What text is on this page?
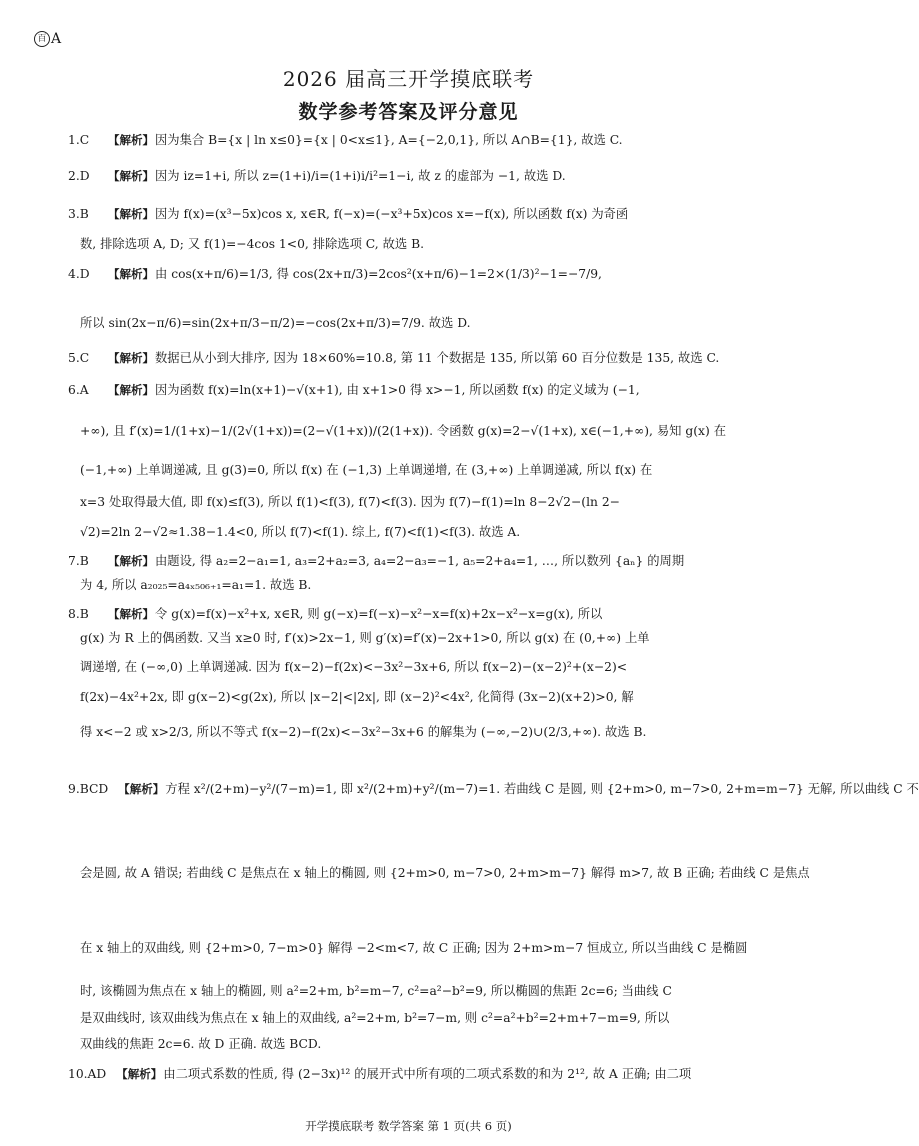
百 A
2026 届高三开学摸底联考
数学参考答案及评分意见
1.C 【解析】因为集合 B={x | ln x≤0}={x | 0<x≤1}, A={−2,0,1}, 所以 A∩B={1}, 故选 C.
2.D 【解析】因为 iz=1+i, 所以 z=(1+i)/i=(1+i)i/i²=1−i, 故 z 的虚部为 −1, 故选 D.
3.B 【解析】因为 f(x)=(x³−5x)cos x, x∈R, f(−x)=(−x³+5x)cos x=−f(x), 所以函数 f(x) 为奇函
数, 排除选项 A, D; 又 f(1)=−4cos 1<0, 排除选项 C, 故选 B.
4.D 【解析】由 cos(x+π/6)=1/3, 得 cos(2x+π/3)=2cos²(x+π/6)−1=2×(1/3)²−1=−7/9,
所以 sin(2x−π/6)=sin(2x+π/3−π/2)=−cos(2x+π/3)=7/9. 故选 D.
5.C 【解析】数据已从小到大排序, 因为 18×60%=10.8, 第 11 个数据是 135, 所以第 60 百分位数是 135, 故选 C.
6.A 【解析】因为函数 f(x)=ln(x+1)−√(x+1), 由 x+1>0 得 x>−1, 所以函数 f(x) 的定义域为 (−1,
+∞), 且 f′(x)=1/(1+x)−1/(2√(1+x))=(2−√(1+x))/(2(1+x)). 令函数 g(x)=2−√(1+x), x∈(−1,+∞), 易知 g(x) 在
(−1,+∞) 上单调递减, 且 g(3)=0, 所以 f(x) 在 (−1,3) 上单调递增, 在 (3,+∞) 上单调递减, 所以 f(x) 在
x=3 处取得最大值, 即 f(x)≤f(3), 所以 f(1)<f(3), f(7)<f(3). 因为 f(7)−f(1)=ln 8−2√2−(ln 2−
√2)=2ln 2−√2≈1.38−1.4<0, 所以 f(7)<f(1). 综上, f(7)<f(1)<f(3). 故选 A.
7.B 【解析】由题设, 得 a₂=2−a₁=1, a₃=2+a₂=3, a₄=2−a₃=−1, a₅=2+a₄=1, …, 所以数列 {aₙ} 的周期
为 4, 所以 a₂₀₂₅=a₄ₓ₅₀₆₊₁=a₁=1. 故选 B.
8.B 【解析】令 g(x)=f(x)−x²+x, x∈R, 则 g(−x)=f(−x)−x²−x=f(x)+2x−x²−x=g(x), 所以
g(x) 为 R 上的偶函数. 又当 x≥0 时, f′(x)>2x−1, 则 g′(x)=f′(x)−2x+1>0, 所以 g(x) 在 (0,+∞) 上单
调递增, 在 (−∞,0) 上单调递减. 因为 f(x−2)−f(2x)<−3x²−3x+6, 所以 f(x−2)−(x−2)²+(x−2)<
f(2x)−4x²+2x, 即 g(x−2)<g(2x), 所以 |x−2|<|2x|, 即 (x−2)²<4x², 化简得 (3x−2)(x+2)>0, 解
得 x<−2 或 x>2/3, 所以不等式 f(x−2)−f(2x)<−3x²−3x+6 的解集为 (−∞,−2)∪(2/3,+∞). 故选 B.
9.BCD 【解析】方程 x²/(2+m)−y²/(7−m)=1, 即 x²/(2+m)+y²/(m−7)=1. 若曲线 C 是圆, 则 {2+m>0, m−7>0, 2+m=m−7} 无解, 所以曲线 C 不
会是圆, 故 A 错误; 若曲线 C 是焦点在 x 轴上的椭圆, 则 {2+m>0, m−7>0, 2+m>m−7} 解得 m>7, 故 B 正确; 若曲线 C 是焦点
在 x 轴上的双曲线, 则 {2+m>0, 7−m>0} 解得 −2<m<7, 故 C 正确; 因为 2+m>m−7 恒成立, 所以当曲线 C 是椭圆
时, 该椭圆为焦点在 x 轴上的椭圆, 则 a²=2+m, b²=m−7, c²=a²−b²=9, 所以椭圆的焦距 2c=6; 当曲线 C
是双曲线时, 该双曲线为焦点在 x 轴上的双曲线, a²=2+m, b²=7−m, 则 c²=a²+b²=2+m+7−m=9, 所以
双曲线的焦距 2c=6. 故 D 正确. 故选 BCD.
10.AD 【解析】由二项式系数的性质, 得 (2−3x)¹² 的展开式中所有项的二项式系数的和为 2¹², 故 A 正确; 由二项
开学摸底联考 数学答案 第 1 页(共 6 页)
